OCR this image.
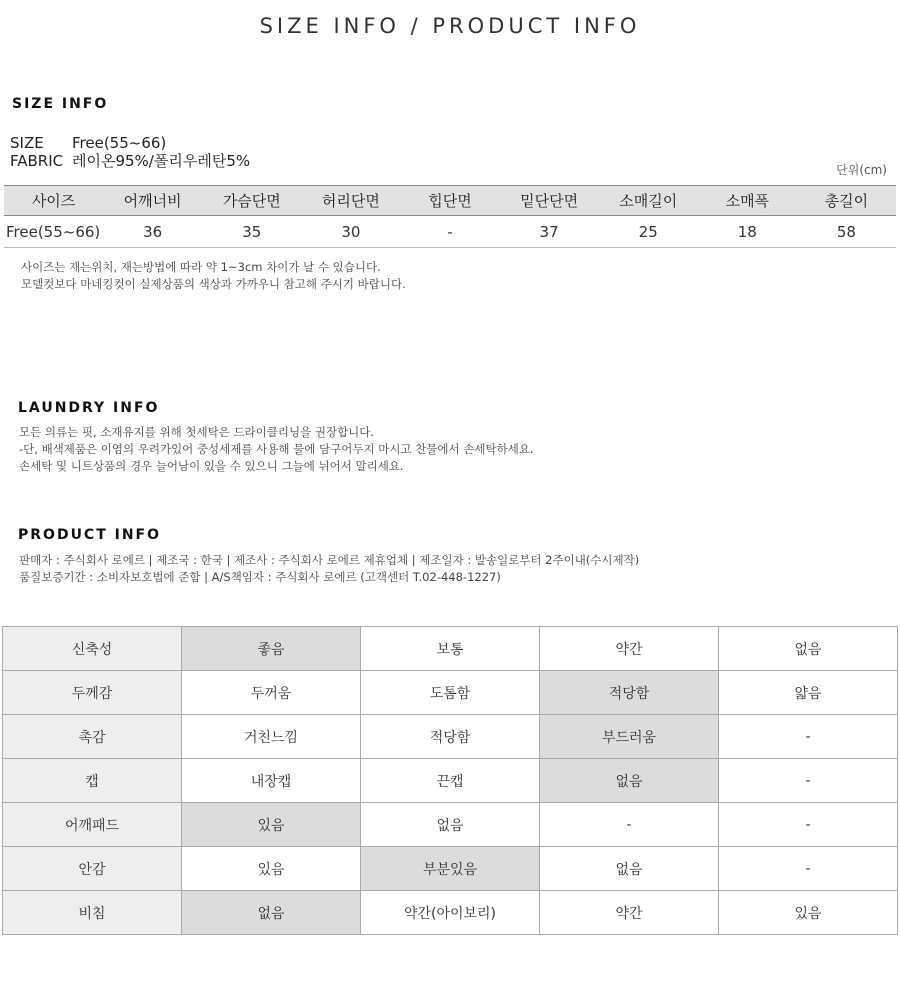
SIZE INFO / PRODUCT INFO
SIZE INFO
SIZE Free(55~66)
FABRIC 레이온95%/폴리우레탄5%	단위(cm)
사이즈	어깨너비	가슴단면	허리단면	힙단면	밑단단면	소매길이	소매폭	총길이
Free(55~66)	36	35	30	-	37	25	18	58
사이즈는 재는위치, 재는방법에 따라 약 1~3cm 차이가 날 수 있습니다.
모델컷보다 마네킹컷이 실제상품의 색상과 가까우니 참고해 주시기 바랍니다.
LAUNDRY INFO
모든 의류는 핏, 소재유지를 위해 첫세탁은 드라이클리닝을 권장합니다.
-단, 배색제품은 이염의 우려가있어 중성세제를 사용해 물에 담구어두지 마시고 찬물에서 손세탁하세요.
손세탁 및 니트상품의 경우 늘어남이 있을 수 있으니 그늘에 뉘어서 말리세요.
PRODUCT INFO
판매자 : 주식회사 로에르 | 제조국 : 한국 | 제조사 : 주식회사 로에르 제휴업체 | 제조일자 : 발송일로부터 2주이내(수시제작)
품질보증기간 : 소비자보호법에 준함 | A/S책임자 : 주식회사 로에르 (고객센터 T.02-448-1227)
신축성	좋음	보통	약간	없음
두께감	두꺼움	도톰함	적당함	얇음
촉감	거친느낌	적당함	부드러움	-
캡	내장캡	끈캡	없음	-
어깨패드	있음	없음	-	-
안감	있음	부분있음	없음	-
비침	없음	약간(아이보리)	약간	있음
